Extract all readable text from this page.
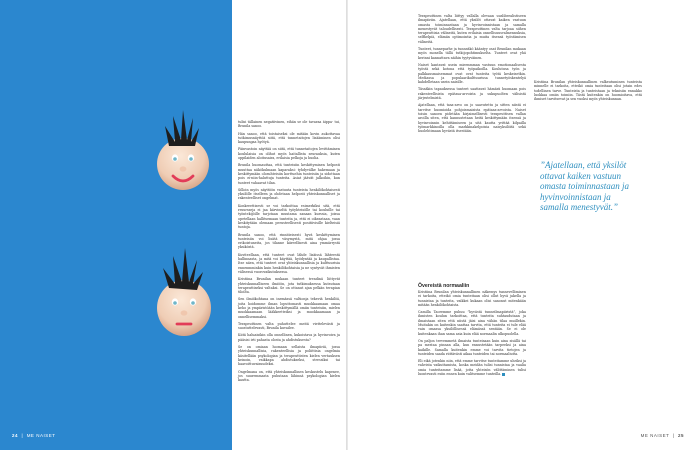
tulisi tällainen negatiivinen, eihän se ole tavaraa äippa- tui, Brunila sanoo.

Hän sanoo, että toistaiseksi ole mitään kovin aukottavaa tutkimusnäyttöä siitä, että tunnetaitojen lisääminen olisi kaupungaa hyötyä.

Päinvastoin näyttää on siitä, että tunnetaitojen levittäminen koululaisia on olihut myös haitallista seurauksia, kuten oppilaiden aloitusaira, erilaisia pelkoja ja huolia.

Brunila huomauttaa, että tunteisiin keskittyminen helposti muuttaa näkökulmaan kaparaksi: tyhdyvälke hakemaan ja keskittymään olosuhteisiin korttuehin tunteisiin ja sidottaan pois ei-niin-haluttuja tunteita. Asiat jäävät jalkoihin, kun tunteet vahaavat tilan.

Silloin myös näyttöön vastuuta tunteista henkilökohtaisesti yksilölle itselleen ja ohdetaan helposti yhteiskunnalliset ja rakenteelliset ongelmat.

Konkreettisesti se voi tarkoittaa esimerkiksi sitä, että resursseja ei jaa kärvineltä työyhteisölle tai kouluille tai työntekijöille tarjotaan muutama sanaan kurssia, joissa opetellaan hallitsemaan tunteita ja, että ei oikeastaan, vaan keskitytään olemaan perusteellisesti positiivisille kielteisiä tuntoja.

Brunila sanoo, että rinnitieisesti hyvä keskittyminen tunteisiin voi lisätä väsymystä, mitä ohjaa jossa erikoistuneita, jos tilanne kiireellisesti aina ymmärrystä yksiköstä.

Kuviteellaan, että tunteet ovat lähde lisäissä lähteestä hallinnasta, ja mitä voi käyttää, hyödyntää ja kaupallistaa. Itse näen, että tunteet ovat yhteiskunnallisia ja kulttuurisia ennenmminkin kuin henkilökohtaisia ja ne syntyvät ihmisten välisessä vuorovaikutuksessa.

Kristiina Brunilan mukaan tunteet trendinä liittyvät yhteiskunnalliseen ilmiöön, jota tutkimuksessa kutsutaan terapeuttiseksi valtaksi. Se on ottanut ajan pelkän terapian tiloilta.

Sen ilmiökohtana on inemässä valtionja tekeviä henkilöä, joita hoidomme ilman loputtomasti muokkaamaan omaa keho ja ympäristöään keskittymällä omiin tunteisiin, mielen muokkaamaan lääkkeetteiksi ja muokkaamaan ja onnellisemmaksi.

Terapeuttinen valta puhuttelee meitä viettelevästi ja suostuttelevasti, Brunila kuvailee.

Kiitä haluaisikin olla onnellinen, kukoistava ja hyvinvoiva ja pääsisi irti pahasta olosta ja ahdistuksesta?

Se on omiaan luomaan sellaista ilmapiiriä, jossa yhteiskunnallisia, rakenteellisia ja poliittisia ongelmia käsitellään psykologian ja terapeuttisten kielen vertauksen keinoin, vaikkapa ahdistukseksi, stressiksi tai haavoittuvaisuudeksi.

Ongelmana on, että yhteiskunnallinen keskustelu kapenee, jos suuremmasta puhutaan lähinnä psykologian kielen kautta.

24  |  ME NAISET

Terapeuttinen valta liittyy vallalla olevaan uusliberalistiseen ilmapiiriin. Ajatellaan, että yksilöt ottavat kaiken vastuun omasta toiminnastaan ja hyvinvoinnistaan ja samalla menestyvät taloudellisesti. Terapeuttinen valta tarjoaa siihen terapeuttisia välineitä, kuten erilaisia onnellisuusvalmennuksia, selfhelpiä, elämän optimointia ja muita itsensä työstämisen välineitä.

Tunteet, tunneparhe ja tunneäkö kääntyy osat Brunilan mukaan myös monella tällä tutkijopohtimukselta. Tunteet ovat yhä kerinni kannattava näihin tyytyväinen.

Naiset kantavat usein mieenmman vastuun emotionaalisesta työstä sekä kotona että työpaikoilla. Koulutusa työn ja palkkausmaisemmat ovat ovat tunteita työtä keskeisetkin. Mediassa ja populaarikulttuurissa tunnetyöskentelyä kahdelletaan usein naisille.

Tässäkin tapauksessa tunteet saattavat hämärä huomaan pois rakenteellisista epätasa-arvoista ja sukupuolten välisistä järjestelmistä.

Ajatellaan, että tasa-arvo on jo saavutettu ja sitten niistä ei tarvitse huomioida pohjoismaisista epätasa-arvoista. Naiset toisin sanoen pidetään kirjaimellisesti terapeuttisen vallan aroilla siten, että kannustetaan heitä keskittymään itsensä ja hyvinvoinnin kehittämiseen ja sitä kautta yrittää kilpailla työmarkkinoilla olla markkinakelpoisia naisyksilöitä sekä huolehtimaan hyvästä itsestään.

”Ajatellaan, että yksilöt ottavat kaiken vastuun omasta toiminnastaan ja hyvinvoinnistaan ja samalla menestyvät.”
Övereistä normaaliin

Kristiina Brunilan yhteiskunnallinen näkemys tunnevelliminen ei tarkoita, etteikö omia tunteitaan olisi ollut hyvä jakella ja tunnistaa ja tunteita, vaikkei kukaan olisi sanonut mitenkään mitään henkilökohtaista.

Camilla Taoremme puhuu ”hyvästä tunneilmapiiristä”, joka ihmisten koulun tarkoittaa, että tunteita suhtaudutaan ja ilmaistaan siten että niistä jäisi aina vähän tilaa muillekin. Muitakin on kuitenkin saattaa tarvita, että tunteita ei tule elää vain omassa yksilöllisessä elämässä sentään. Se ei ole kuitenkaan ihan sama asia kuin elää normaalin ulkopuolella.

On paljon tervemmetä ilmaista tunteisaan kuin aina sisällä tai pa mestaa pinnan alla, kun ennustetään tarpeeksi ja aina kaikille. Samalla kuitenkin emme voi tarvita tietojen ja tunteiden saada riittävästi aikaa tunteiden tai normaaliutta.

Eli eikä jotenkin niin, että emme tarvitse tunteitamme uhriksi ja vahvista vaikuttamista, koska meidän tulisi tunnistaa ja vaalia omia tunteitamme lisää, jotta yhteisön välittäminen tulisi luontevasti esiin ennen kuin valitsemme tunteilla.

Kristiina Brunilan yhteiskunnallinen valkeutuminen tunteista minnelle ei tarkoita, etteikö omia tunteitaan olisi jotain edes todellinen tarve. Tunteista ja tunteistaan ja teknisiin ennakko luokkaa omiin toimiin. Tästä kuitenkin on huomioitava, että ihmiset tarvitsevat ja sen vuoksi myös yhteiskunnan.

ME NAISET  |  25
